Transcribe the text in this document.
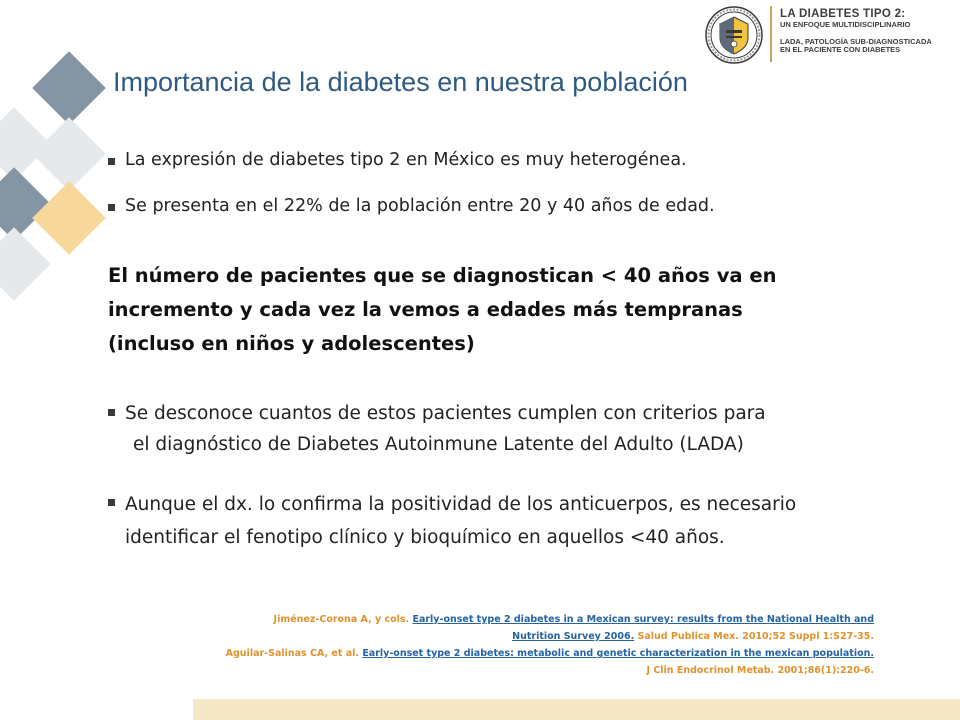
LA DIABETES TIPO 2:
UN ENFOQUE MULTIDISCIPLINARIO
LADA, PATOLOGÍA SUB-DIAGNOSTICADA
EN EL PACIENTE CON DIABETES
Importancia de la diabetes en nuestra población
La expresión de diabetes tipo 2 en México es muy heterogénea.
Se presenta en el 22% de la población entre 20 y 40 años de edad.
El número de pacientes que se diagnostican < 40 años va en
incremento y cada vez la vemos a edades más tempranas
(incluso en niños y adolescentes)
Se desconoce cuantos de estos pacientes cumplen con criterios para
el diagnóstico de Diabetes Autoinmune Latente del Adulto (LADA)
Aunque el dx. lo confirma la positividad de los anticuerpos, es necesario
identificar el fenotipo clínico y bioquímico en aquellos <40 años.
Jiménez-Corona A, y cols. Early-onset type 2 diabetes in a Mexican survey: results from the National Health and
Nutrition Survey 2006. Salud Publica Mex. 2010;52 Suppl 1:S27-35.
Aguilar-Salinas CA, et al. Early-onset type 2 diabetes: metabolic and genetic characterization in the mexican population.
J Clin Endocrinol Metab. 2001;86(1):220-6.
